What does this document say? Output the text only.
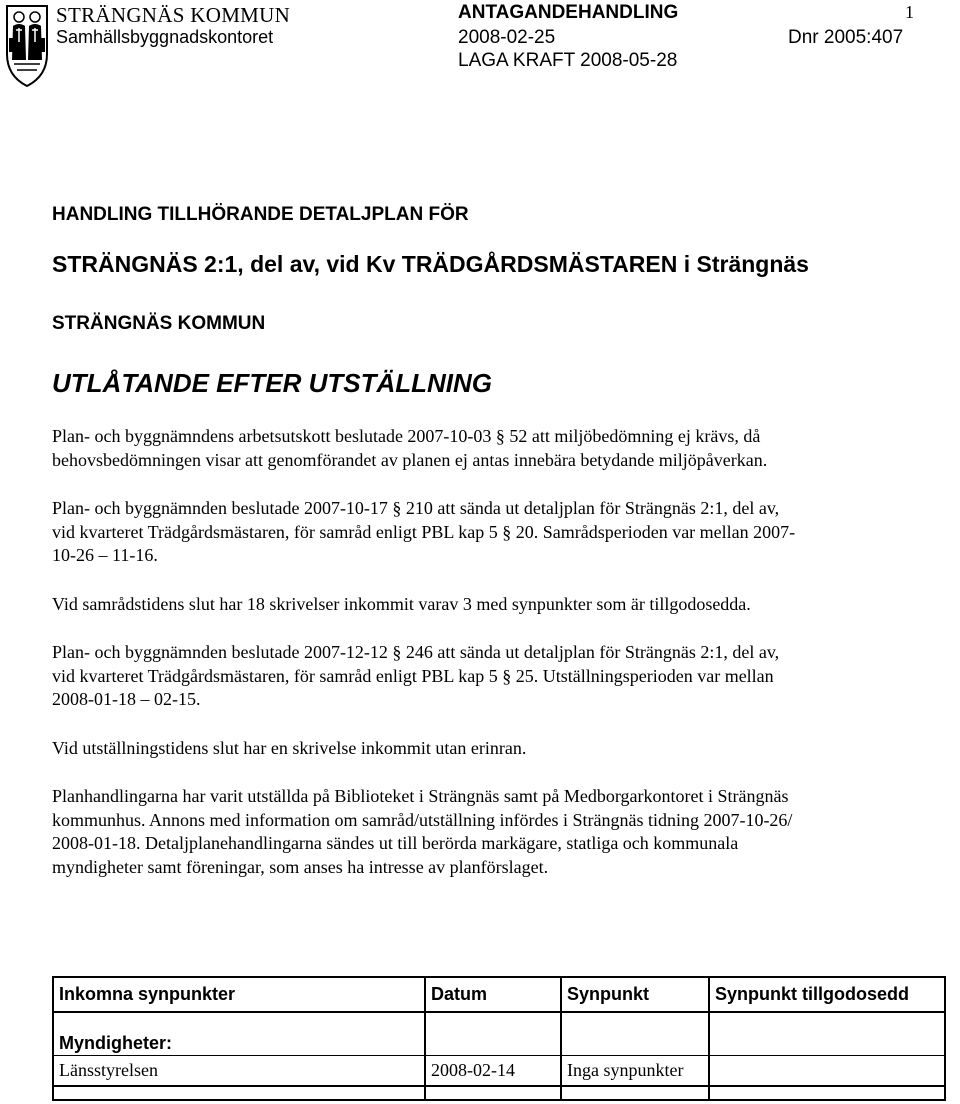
STRÄNGNÄS KOMMUN
Samhällsbyggnadskontoret
ANTAGANDEHANDLING
2008-02-25	Dnr 2005:407
LAGA KRAFT 2008-05-28
1
HANDLING TILLHÖRANDE DETALJPLAN FÖR
STRÄNGNÄS 2:1, del av, vid Kv TRÄDGÅRDSMÄSTAREN i Strängnäs
STRÄNGNÄS KOMMUN
UTLÅTANDE EFTER UTSTÄLLNING
Plan- och byggnämndens arbetsutskott beslutade 2007-10-03 § 52 att miljöbedömning ej krävs, då
behovsbedömningen visar att genomförandet av planen ej antas innebära betydande miljöpåverkan.
Plan- och byggnämnden beslutade 2007-10-17 § 210 att sända ut detaljplan för Strängnäs 2:1, del av,
vid kvarteret Trädgårdsmästaren, för samråd enligt PBL kap 5 § 20. Samrådsperioden var mellan 2007-
10-26 – 11-16.
Vid samrådstidens slut har 18 skrivelser inkommit varav 3 med synpunkter som är tillgodosedda.
Plan- och byggnämnden beslutade 2007-12-12 § 246 att sända ut detaljplan för Strängnäs 2:1, del av,
vid kvarteret Trädgårdsmästaren, för samråd enligt PBL kap 5 § 25. Utställningsperioden var mellan
2008-01-18 – 02-15.
Vid utställningstidens slut har en skrivelse inkommit utan erinran.
Planhandlingarna har varit utställda på Biblioteket i Strängnäs samt på Medborgarkontoret i Strängnäs
kommunhus. Annons med information om samråd/utställning infördes i Strängnäs tidning 2007-10-26/
2008-01-18. Detaljplanehandlingarna sändes ut till berörda markägare, statliga och kommunala
myndigheter samt föreningar, som anses ha intresse av planförslaget.
Inkomna synpunkter	Datum	Synpunkt	Synpunkt tillgodosedd

Myndigheter:			
Länsstyrelsen	2008-02-14	Inga synpunkter	
